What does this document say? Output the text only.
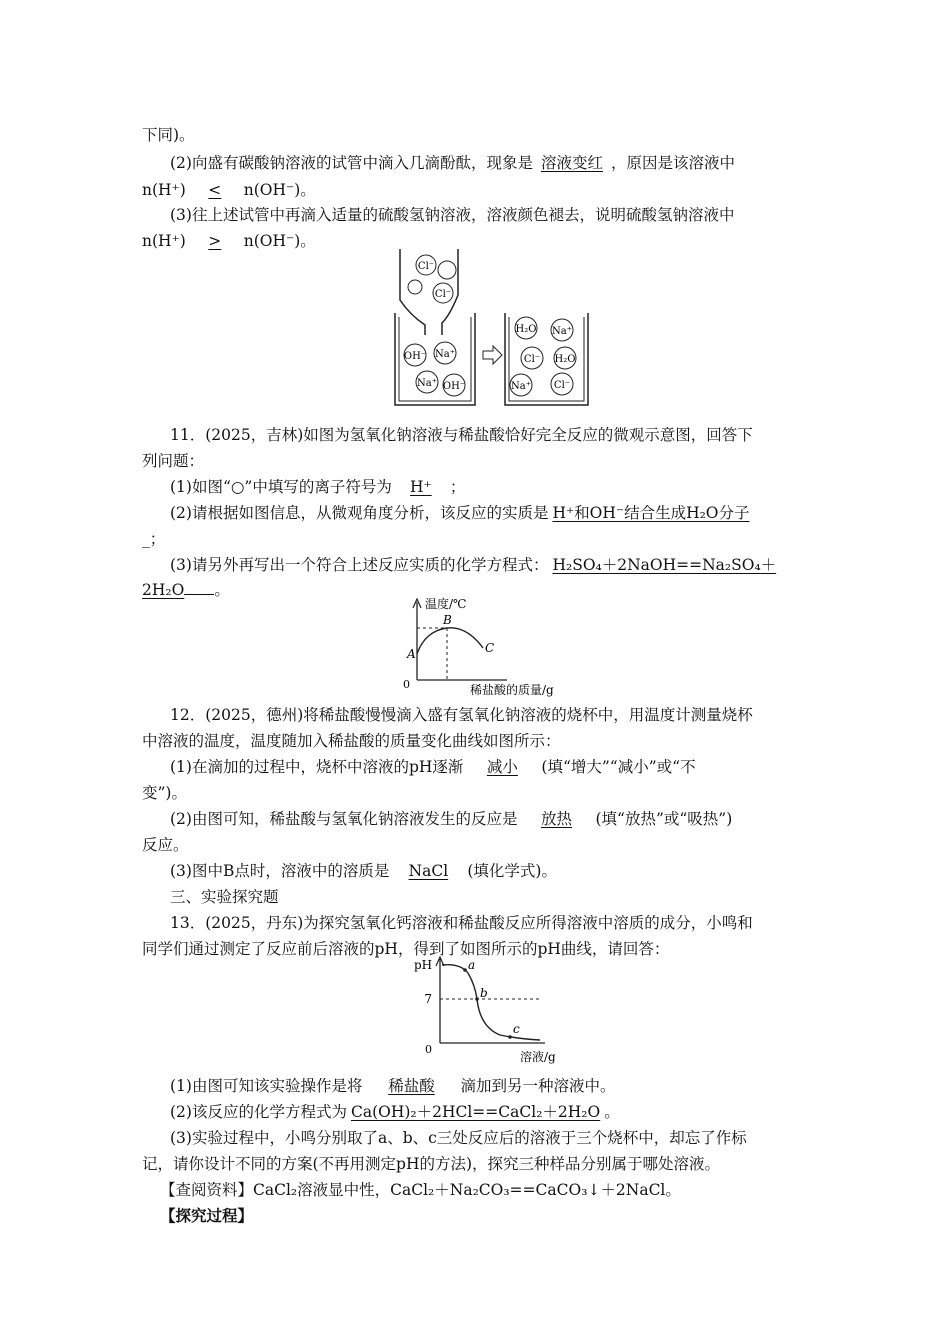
下同)。
(2)向盛有碳酸钠溶液的试管中滴入几滴酚酞，现象是 溶液变红 ，原因是该溶液中
n(H⁺) < n(OH⁻)。
(3)往上述试管中再滴入适量的硫酸氢钠溶液，溶液颜色褪去，说明硫酸氢钠溶液中
n(H⁺) > n(OH⁻)。
Cl⁻
Cl⁻
OH⁻ Na⁺
Na⁺ OH⁻
H₂O Na⁺
Cl⁻ H₂O
Na⁺ Cl⁻
11．(2025，吉林)如图为氢氧化钠溶液与稀盐酸恰好完全反应的微观示意图，回答下
列问题：
(1)如图“○”中填写的离子符号为 H⁺ ；
(2)请根据如图信息，从微观角度分析，该反应的实质是 H⁺和OH⁻结合生成H₂O分子
_；
(3)请另外再写出一个符合上述反应实质的化学方程式： H₂SO₄＋2NaOH==Na₂SO₄＋
2H₂O 。
温度/℃
0	稀盐酸的质量/g
A
B
C
12．(2025，德州)将稀盐酸慢慢滴入盛有氢氧化钠溶液的烧杯中，用温度计测量烧杯
中溶液的温度，温度随加入稀盐酸的质量变化曲线如图所示：
(1)在滴加的过程中，烧杯中溶液的pH逐渐 减小 (填“增大”“减小”或“不
变”)。
(2)由图可知，稀盐酸与氢氧化钠溶液发生的反应是 放热 (填“放热”或“吸热”)
反应。
(3)图中B点时，溶液中的溶质是 NaCl (填化学式)。
三、实验探究题
13．(2025，丹东)为探究氢氧化钙溶液和稀盐酸反应所得溶液中溶质的成分，小鸣和
同学们通过测定了反应前后溶液的pH，得到了如图所示的pH曲线，请回答：
pH
0
溶液/g
7
a
b
c
(1)由图可知该实验操作是将 稀盐酸 滴加到另一种溶液中。
(2)该反应的化学方程式为 Ca(OH)₂＋2HCl==CaCl₂＋2H₂O 。
(3)实验过程中，小鸣分别取了a、b、c三处反应后的溶液于三个烧杯中，却忘了作标
记，请你设计不同的方案(不再用测定pH的方法)，探究三种样品分别属于哪处溶液。
【查阅资料】CaCl₂溶液显中性，CaCl₂＋Na₂CO₃==CaCO₃↓＋2NaCl。
【探究过程】
